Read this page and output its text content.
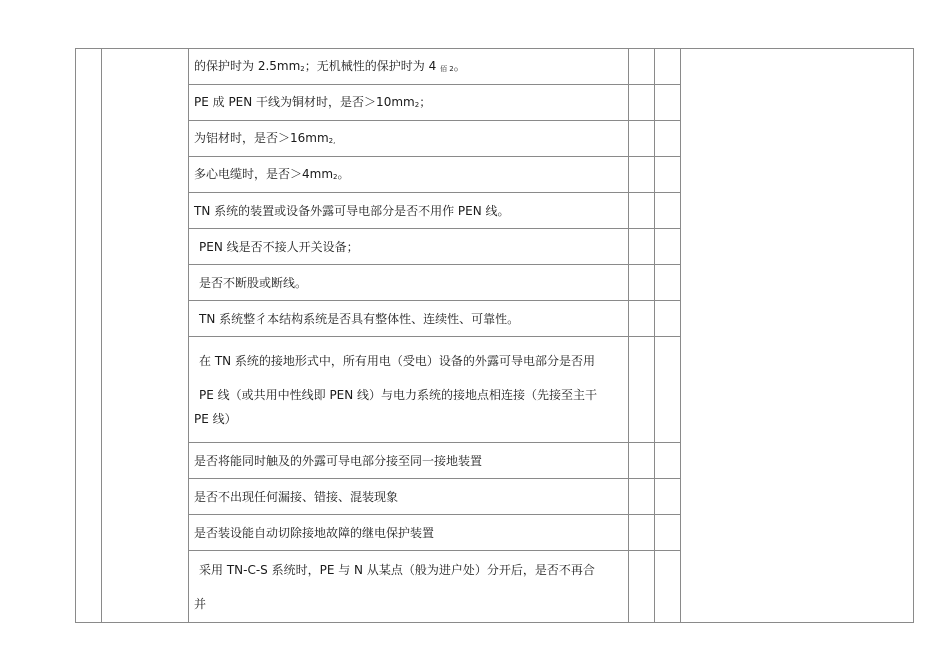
		的保护时为 2.5mm2；无机械性的保护时为 4 佰 2。			
		PE 成 PEN 干线为铜材时，是否＞10mm2；			
		为铝材时，是否＞16mm2,			
		多心电缆时，是否＞4mm2。			
		TN 系统的装置或设备外露可导电部分是否不用作 PEN 线。			
		PEN 线是否不接人开关设备；			
		是否不断股或断线。			
		TN 系统整彳本结构系统是否具有整体性、连续性、可靠性。			

		在 TN 系统的接地形式中，所有用电（受电）设备的外露可导电部分是否用
PE 线（或共用中性线即 PEN 线）与电力系统的接地点相连接（先接至主干
PE 线）			

		是否将能同时触及的外露可导电部分接至同一接地装置			
		是否不出现任何漏接、错接、混装现象			
		是否装设能自动切除接地故障的继电保护装置			

		采用 TN-C-S 系统时，PE 与 N 从某点（般为进户处）分开后，是否不再合
并			
